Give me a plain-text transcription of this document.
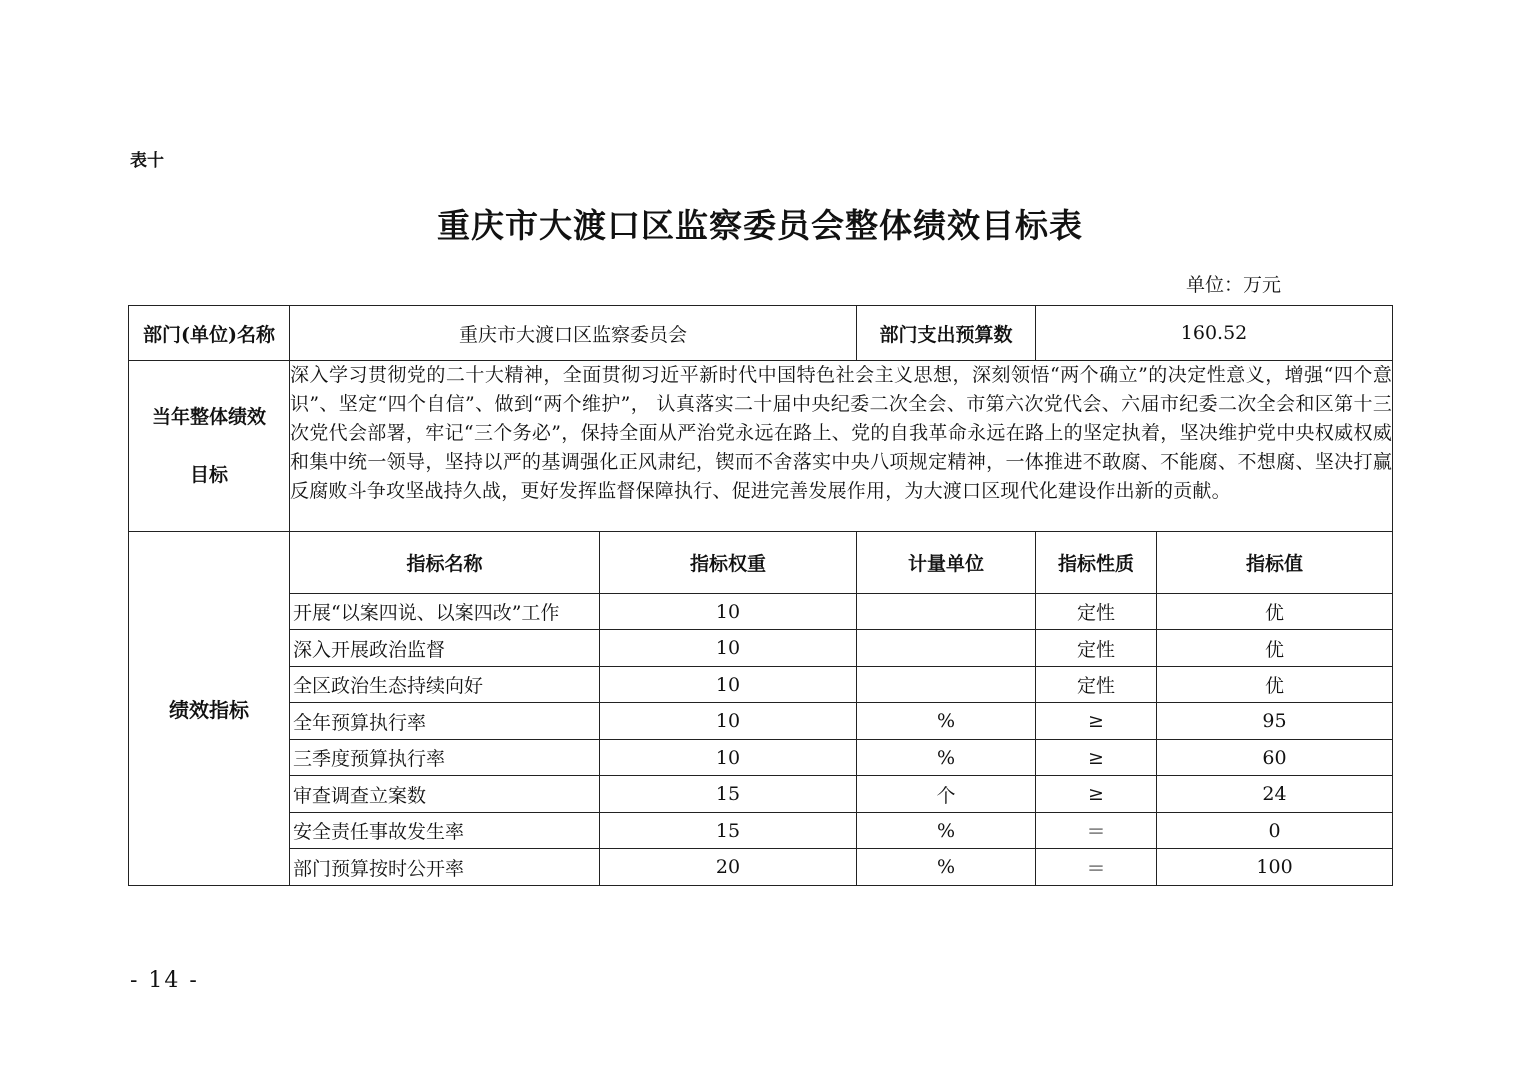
表十
重庆市大渡口区监察委员会整体绩效目标表
单位：万元
部门(单位)名称	重庆市大渡口区监察委员会		部门支出预算数	160.52	

当年整体绩效
目标	深入学习贯彻党的二十大精神，全面贯彻习近平新时代中国特色社会主义思想，深刻领悟“两个确立”的决定性意义，增强“四个意识”、坚定“四个自信”、做到“两个维护”， 认真落实二十届中央纪委二次全会、市第六次党代会、六届市纪委二次全会和区第十三次党代会部署，牢记“三个务必”，保持全面从严治党永远在路上、党的自我革命永远在路上的坚定执着，坚决维护党中央权威权威和集中统一领导，坚持以严的基调强化正风肃纪，锲而不舍落实中央八项规定精神，一体推进不敢腐、不能腐、不想腐、坚决打赢反腐败斗争攻坚战持久战，更好发挥监督保障执行、促进完善发展作用，为大渡口区现代化建设作出新的贡献。				
绩效指标	指标名称	指标权重	计量单位	指标性质	指标值
	开展“以案四说、以案四改”工作	10		定性	优
	深入开展政治监督	10		定性	优
	全区政治生态持续向好	10		定性	优
	全年预算执行率	10	%	≥	95
	三季度预算执行率	10	%	≥	60
	审查调查立案数	15	个	≥	24
	安全责任事故发生率	15	%	＝	0
	部门预算按时公开率	20	%	＝	100
- 14 -
